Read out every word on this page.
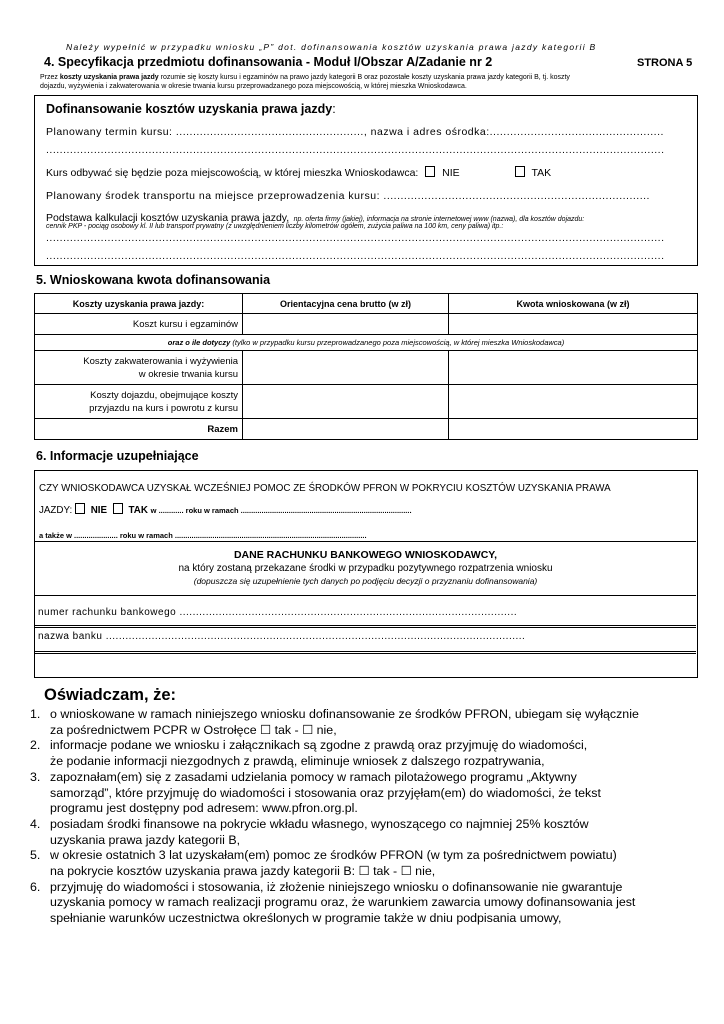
Należy wypełnić w przypadku wniosku „P” dot. dofinansowania kosztów uzyskania prawa jazdy kategorii B
4. Specyfikacja przedmiotu dofinansowania - Moduł I/Obszar A/Zadanie nr 2	STRONA 5
Przez koszty uzyskania prawa jazdy rozumie się koszty kursu i egzaminów na prawo jazdy kategorii B oraz pozostałe koszty uzyskania prawa jazdy kategorii B, tj. koszty
dojazdu, wyżywienia i zakwaterowania w okresie trwania kursu przeprowadzanego poza miejscowością, w której mieszka Wnioskodawca.
Dofinansowanie kosztów uzyskania prawa jazdy:
Planowany termin kursu: ......................................................., nazwa i adres ośrodka:...................................................
.....................................................................................................................................................................................
Kurs odbywać się będzie poza miejscowością, w której mieszka Wnioskodawca: NIE	TAK
Planowany środek transportu na miejsce przeprowadzenia kursu: ..............................................................................
Podstawa kalkulacji kosztów uzyskania prawa jazdy, np. oferta firmy (jakiej), informacja na stronie internetowej www (nazwa), dla kosztów dojazdu:
cennik PKP - pociąg osobowy kl. II lub transport prywatny (z uwzględnieniem liczby kilometrów ogółem, zużycia paliwa na 100 km, ceny paliwa) itp.:
.....................................................................................................................................................................................
.....................................................................................................................................................................................
5. Wnioskowana kwota dofinansowania
Koszty uzyskania prawa jazdy:	Orientacyjna cena brutto (w zł)	Kwota wnioskowana (w zł)
Koszt kursu i egzaminów		
oraz o ile dotyczy (tylko w przypadku kursu przeprowadzanego poza miejscowością, w której mieszka Wnioskodawca)		

Koszty zakwaterowania i wyżywienia
w okresie trwania kursu		

Koszty dojazdu, obejmujące koszty
przyjazdu na kurs i powrotu z kursu		

Razem		
6. Informacje uzupełniające
CZY WNIOSKODAWCA UZYSKAŁ WCZEŚNIEJ POMOC ZE ŚRODKÓW PFRON W POKRYCIU KOSZTÓW UZYSKANIA PRAWA
JAZDY: NIE TAK w ............ roku w ramach ..................................................................................
a także w ..................... roku w ramach ............................................................................................
DANE RACHUNKU BANKOWEGO WNIOSKODAWCY,
na który zostaną przekazane środki w przypadku pozytywnego rozpatrzenia wniosku
(dopuszcza się uzupełnienie tych danych po podjęciu decyzji o przyznaniu dofinansowania)
numer rachunku bankowego .......................................................................................................
nazwa banku ................................................................................................................................
Oświadczam, że:
1. o wnioskowane w ramach niniejszego wniosku dofinansowanie ze środków PFRON, ubiegam się wyłącznie
za pośrednictwem PCPR w Ostrołęce ☐ tak - ☐ nie,
2. informacje podane we wniosku i załącznikach są zgodne z prawdą oraz przyjmuję do wiadomości,
że podanie informacji niezgodnych z prawdą, eliminuje wniosek z dalszego rozpatrywania,
3. zapoznałam(em) się z zasadami udzielania pomocy w ramach pilotażowego programu „Aktywny
samorząd”, które przyjmuję do wiadomości i stosowania oraz przyjęłam(em) do wiadomości, że tekst
programu jest dostępny pod adresem: www.pfron.org.pl.
4. posiadam środki finansowe na pokrycie wkładu własnego, wynoszącego co najmniej 25% kosztów
uzyskania prawa jazdy kategorii B,
5. w okresie ostatnich 3 lat uzyskałam(em) pomoc ze środków PFRON (w tym za pośrednictwem powiatu)
na pokrycie kosztów uzyskania prawa jazdy kategorii B: ☐ tak - ☐ nie,
6. przyjmuję do wiadomości i stosowania, iż złożenie niniejszego wniosku o dofinansowanie nie gwarantuje
uzyskania pomocy w ramach realizacji programu oraz, że warunkiem zawarcia umowy dofinansowania jest
spełnianie warunków uczestnictwa określonych w programie także w dniu podpisania umowy,
